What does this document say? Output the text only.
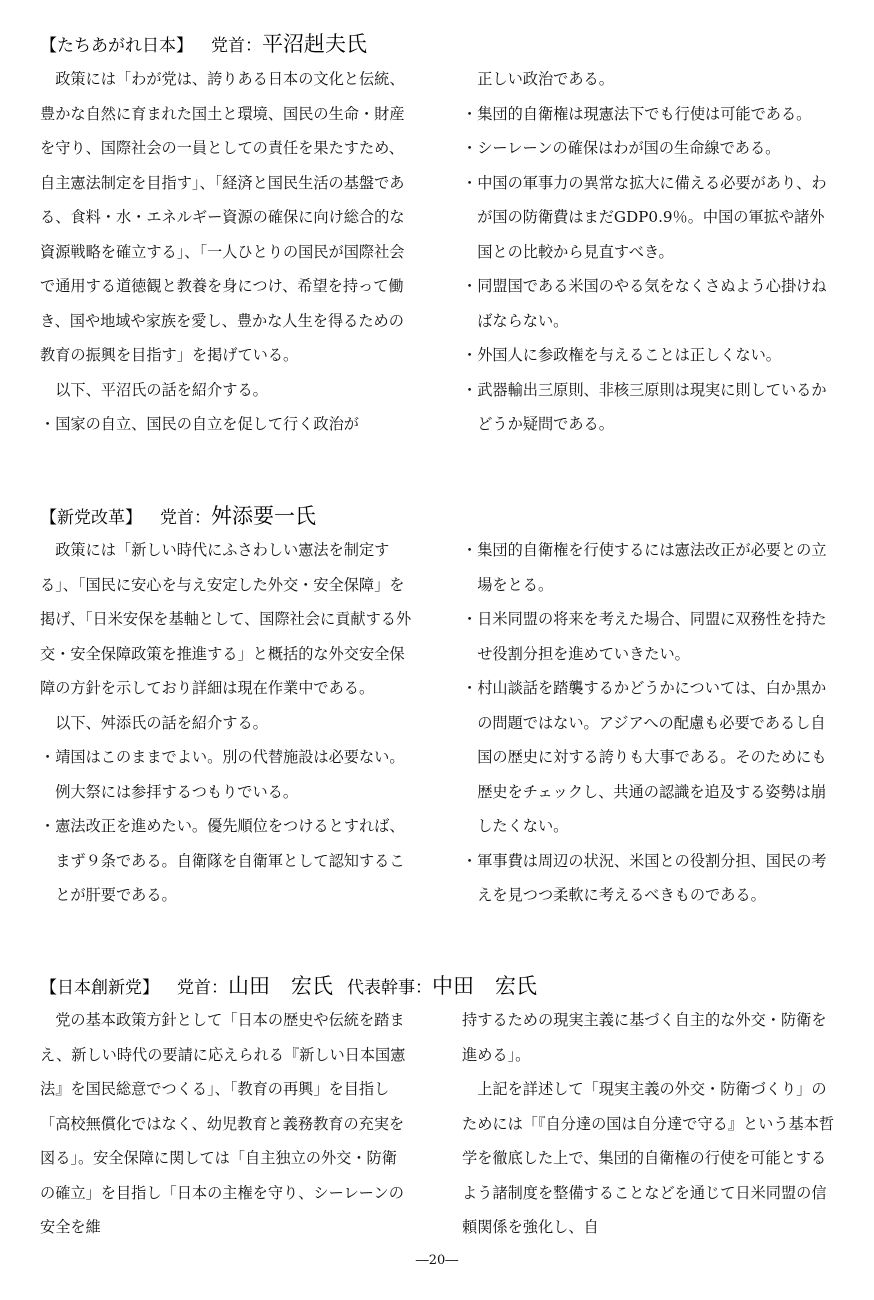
【たちあがれ日本】 党首：平沼赳夫氏

政策には「わが党は、誇りある日本の文化と伝統、豊かな自然に育まれた国土と環境、国民の生命・財産を守り、国際社会の一員としての責任を果たすため、自主憲法制定を目指す」、「経済と国民生活の基盤である、食料・水・エネルギー資源の確保に向け総合的な資源戦略を確立する」、「一人ひとりの国民が国際社会で通用する道徳観と教養を身につけ、希望を持って働き、国や地域や家族を愛し、豊かな人生を得るための教育の振興を目指す」を掲げている。

以下、平沼氏の話を紹介する。

・国家の自立、国民の自立を促して行く政治が

正しい政治である。

・集団的自衛権は現憲法下でも行使は可能である。

・シーレーンの確保はわが国の生命線である。

・中国の軍事力の異常な拡大に備える必要があり、わが国の防衛費はまだGDP0.9％。中国の軍拡や諸外国との比較から見直すべき。

・同盟国である米国のやる気をなくさぬよう心掛けねばならない。

・外国人に参政権を与えることは正しくない。

・武器輸出三原則、非核三原則は現実に則しているかどうか疑問である。

【新党改革】 党首：舛添要一氏

政策には「新しい時代にふさわしい憲法を制定する」、「国民に安心を与え安定した外交・安全保障」を掲げ、「日米安保を基軸として、国際社会に貢献する外交・安全保障政策を推進する」と概括的な外交安全保障の方針を示しており詳細は現在作業中である。

以下、舛添氏の話を紹介する。

・靖国はこのままでよい。別の代替施設は必要ない。例大祭には参拝するつもりでいる。

・憲法改正を進めたい。優先順位をつけるとすれば、まず９条である。自衛隊を自衛軍として認知することが肝要である。

・集団的自衛権を行使するには憲法改正が必要との立場をとる。

・日米同盟の将来を考えた場合、同盟に双務性を持たせ役割分担を進めていきたい。

・村山談話を踏襲するかどうかについては、白か黒かの問題ではない。アジアへの配慮も必要であるし自国の歴史に対する誇りも大事である。そのためにも歴史をチェックし、共通の認識を追及する姿勢は崩したくない。

・軍事費は周辺の状況、米国との役割分担、国民の考えを見つつ柔軟に考えるべきものである。

【日本創新党】 党首：山田　宏氏 代表幹事：中田　宏氏

党の基本政策方針として「日本の歴史や伝統を踏まえ、新しい時代の要請に応えられる『新しい日本国憲法』を国民総意でつくる」、「教育の再興」を目指し「高校無償化ではなく、幼児教育と義務教育の充実を図る」。安全保障に関しては「自主独立の外交・防衛の確立」を目指し「日本の主権を守り、シーレーンの安全を維

持するための現実主義に基づく自主的な外交・防衛を進める」。

上記を詳述して「現実主義の外交・防衛づくり」のためには「『自分達の国は自分達で守る』という基本哲学を徹底した上で、集団的自衛権の行使を可能とするよう諸制度を整備することなどを通じて日米同盟の信頼関係を強化し、自

―20―
